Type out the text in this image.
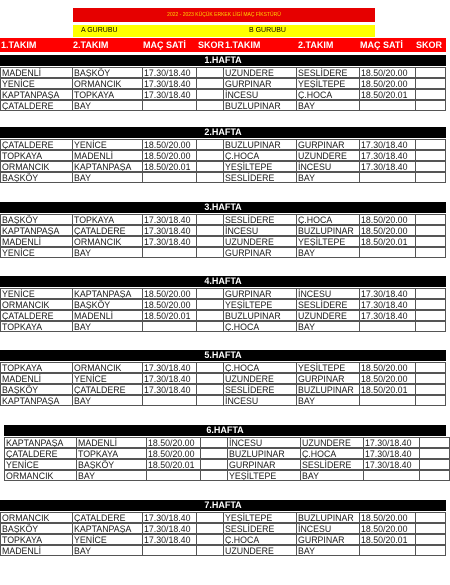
2022 - 2023 KÜÇÜK ERKEK LİGİ MAÇ FİKSTÜRÜ
A GURUBU	B GURUBU
1.TAKIM	2.TAKIM	MAÇ SATİ	SKOR 1.TAKIM	2.TAKIM	MAÇ SATİ	SKOR
1.HAFTA
MADENLİ	BAŞKÖY	17.30/18.40	UZUNDERE	SESLİDERE	18.50/20.00
YENİCE	ORMANCIK	17.30/18.40	GURPINAR	YEŞİLTEPE	18.50/20.00
KAPTANPAŞA	TOPKAYA	17.30/18.40	İNCESU	Ç.HOCA	18.50/20.01
ÇATALDERE	BAY	BUZLUPINAR	BAY
2.HAFTA
ÇATALDERE	YENİCE	18.50/20.00	BUZLUPINAR	GURPINAR	17.30/18.40
TOPKAYA	MADENLİ	18.50/20.00	Ç.HOCA	UZUNDERE	17.30/18.40
ORMANCIK	KAPTANPAŞA	18.50/20.01	YEŞİLTEPE	İNCESU	17.30/18.40
BAŞKÖY	BAY	SESLİDERE	BAY
3.HAFTA
BAŞKÖY	TOPKAYA	17.30/18.40	SESLİDERE	Ç.HOCA	18.50/20.00
KAPTANPAŞA	ÇATALDERE	17.30/18.40	İNCESU	BUZLUPINAR 18.50/20.00
MADENLİ	ORMANCIK	17.30/18.40	UZUNDERE	YEŞİLTEPE	18.50/20.01
YENİCE	BAY	GURPINAR	BAY
4.HAFTA
YENİCE	KAPTANPAŞA	18.50/20.00	GURPINAR	İNCESU	17.30/18.40
ORMANCIK	BAŞKÖY	18.50/20.00	YEŞİLTEPE	SESLİDERE	17.30/18.40
ÇATALDERE	MADENLİ	18.50/20.01	BUZLUPINAR	UZUNDERE	17.30/18.40
TOPKAYA	BAY	Ç.HOCA	BAY
5.HAFTA
TOPKAYA	ORMANCIK	17.30/18.40	Ç.HOCA	YEŞİLTEPE	18.50/20.00
MADENLİ	YENİCE	17.30/18.40	UZUNDERE	GURPINAR	18.50/20.00
BAŞKÖY	ÇATALDERE	17.30/18.40	SESLİDERE	BUZLUPINAR 18.50/20.01
KAPTANPAŞA	BAY	İNCESU	BAY
6.HAFTA
KAPTANPAŞA	MADENLİ	18.50/20.00	İNCESU	UZUNDERE	17.30/18.40
ÇATALDERE	TOPKAYA	18.50/20.00	BUZLUPINAR	Ç.HOCA	17.30/18.40
YENİCE	BAŞKÖY	18.50/20.01	GURPINAR	SESLİDERE	17.30/18.40
ORMANCIK	BAY	YEŞİLTEPE	BAY
7.HAFTA
ORMANCIK	ÇATALDERE	17.30/18.40	YEŞİLTEPE	BUZLUPINAR 18.50/20.00
BAŞKÖY	KAPTANPAŞA	17.30/18.40	SESLİDERE	İNCESU	18.50/20.00
TOPKAYA	YENİCE	17.30/18.40	Ç.HOCA	GURPINAR	18.50/20.01
MADENLİ	BAY	UZUNDERE	BAY
